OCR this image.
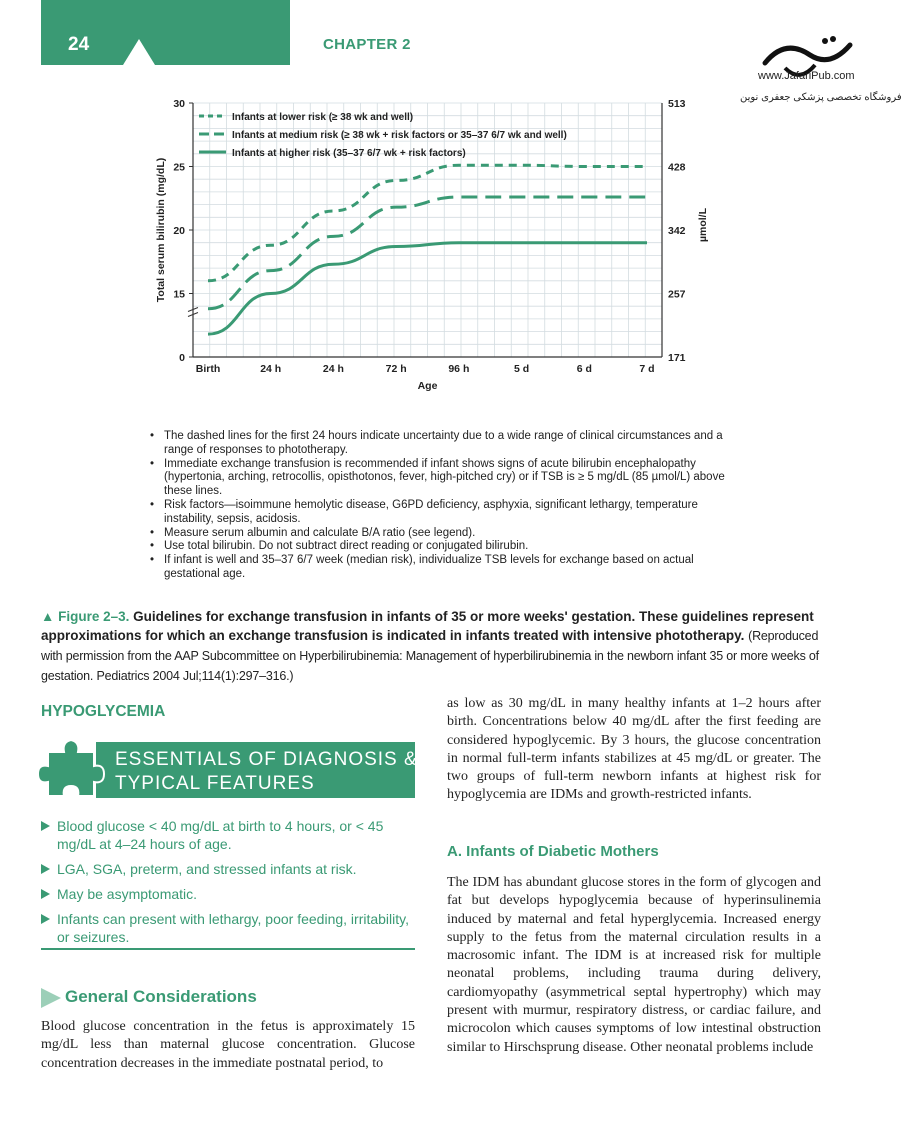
24	CHAPTER 2
www.JafariPub.com
فروشگاه تخصصی پزشکی جعفری نوین
Infants at lower risk (≥ 38 wk and well)
Infants at medium risk (≥ 38 wk + risk factors or 35–37 6/7 wk and well)
Infants at higher risk (35–37 6/7 wk + risk factors)
0
15
20
25
30
171
257
342
428
513
Birth	24 h	24 h	72 h	96 h	5 d	6 d	7 d
Age
Total serum bilirubin (mg/dL)	µmol/L
• The dashed lines for the first 24 hours indicate uncertainty due to a wide range of clinical circumstances and a range of responses to phototherapy.
• Immediate exchange transfusion is recommended if infant shows signs of acute bilirubin encephalopathy (hypertonia, arching, retrocollis, opisthotonos, fever, high-pitched cry) or if TSB is ≥ 5 mg/dL (85 µmol/L) above these lines.
• Risk factors—isoimmune hemolytic disease, G6PD deficiency, asphyxia, significant lethargy, temperature instability, sepsis, acidosis.
• Measure serum albumin and calculate B/A ratio (see legend).
• Use total bilirubin. Do not subtract direct reading or conjugated bilirubin.
• If infant is well and 35–37 6/7 week (median risk), individualize TSB levels for exchange based on actual gestational age.
▲ Figure 2–3. Guidelines for exchange transfusion in infants of 35 or more weeks' gestation. These guidelines represent approximations for which an exchange transfusion is indicated in infants treated with intensive phototherapy. (Reproduced with permission from the AAP Subcommittee on Hyperbilirubinemia: Management of hyperbilirubinemia in the newborn infant 35 or more weeks of gestation. Pediatrics 2004 Jul;114(1):297–316.)
HYPOGLYCEMIA
ESSENTIALS OF DIAGNOSIS &
TYPICAL FEATURES
Blood glucose < 40 mg/dL at birth to 4 hours, or < 45 mg/dL at 4–24 hours of age.
LGA, SGA, preterm, and stressed infants at risk.
May be asymptomatic.
Infants can present with lethargy, poor feeding, irritability, or seizures.
General Considerations
Blood glucose concentration in the fetus is approximately 15 mg/dL less than maternal glucose concentration. Glucose concentration decreases in the immediate postnatal period, to
as low as 30 mg/dL in many healthy infants at 1–2 hours after birth. Concentrations below 40 mg/dL after the first feeding are considered hypoglycemic. By 3 hours, the glucose concentration in normal full-term infants stabilizes at 45 mg/dL or greater. The two groups of full-term newborn infants at highest risk for hypoglycemia are IDMs and growth-restricted infants.
A. Infants of Diabetic Mothers
The IDM has abundant glucose stores in the form of glycogen and fat but develops hypoglycemia because of hyperinsulinemia induced by maternal and fetal hyperglycemia. Increased energy supply to the fetus from the maternal circulation results in a macrosomic infant. The IDM is at increased risk for multiple neonatal problems, including trauma during delivery, cardiomyopathy (asymmetrical septal hypertrophy) which may present with murmur, respiratory distress, or cardiac failure, and microcolon which causes symptoms of low intestinal obstruction similar to Hirschsprung disease. Other neonatal problems include
